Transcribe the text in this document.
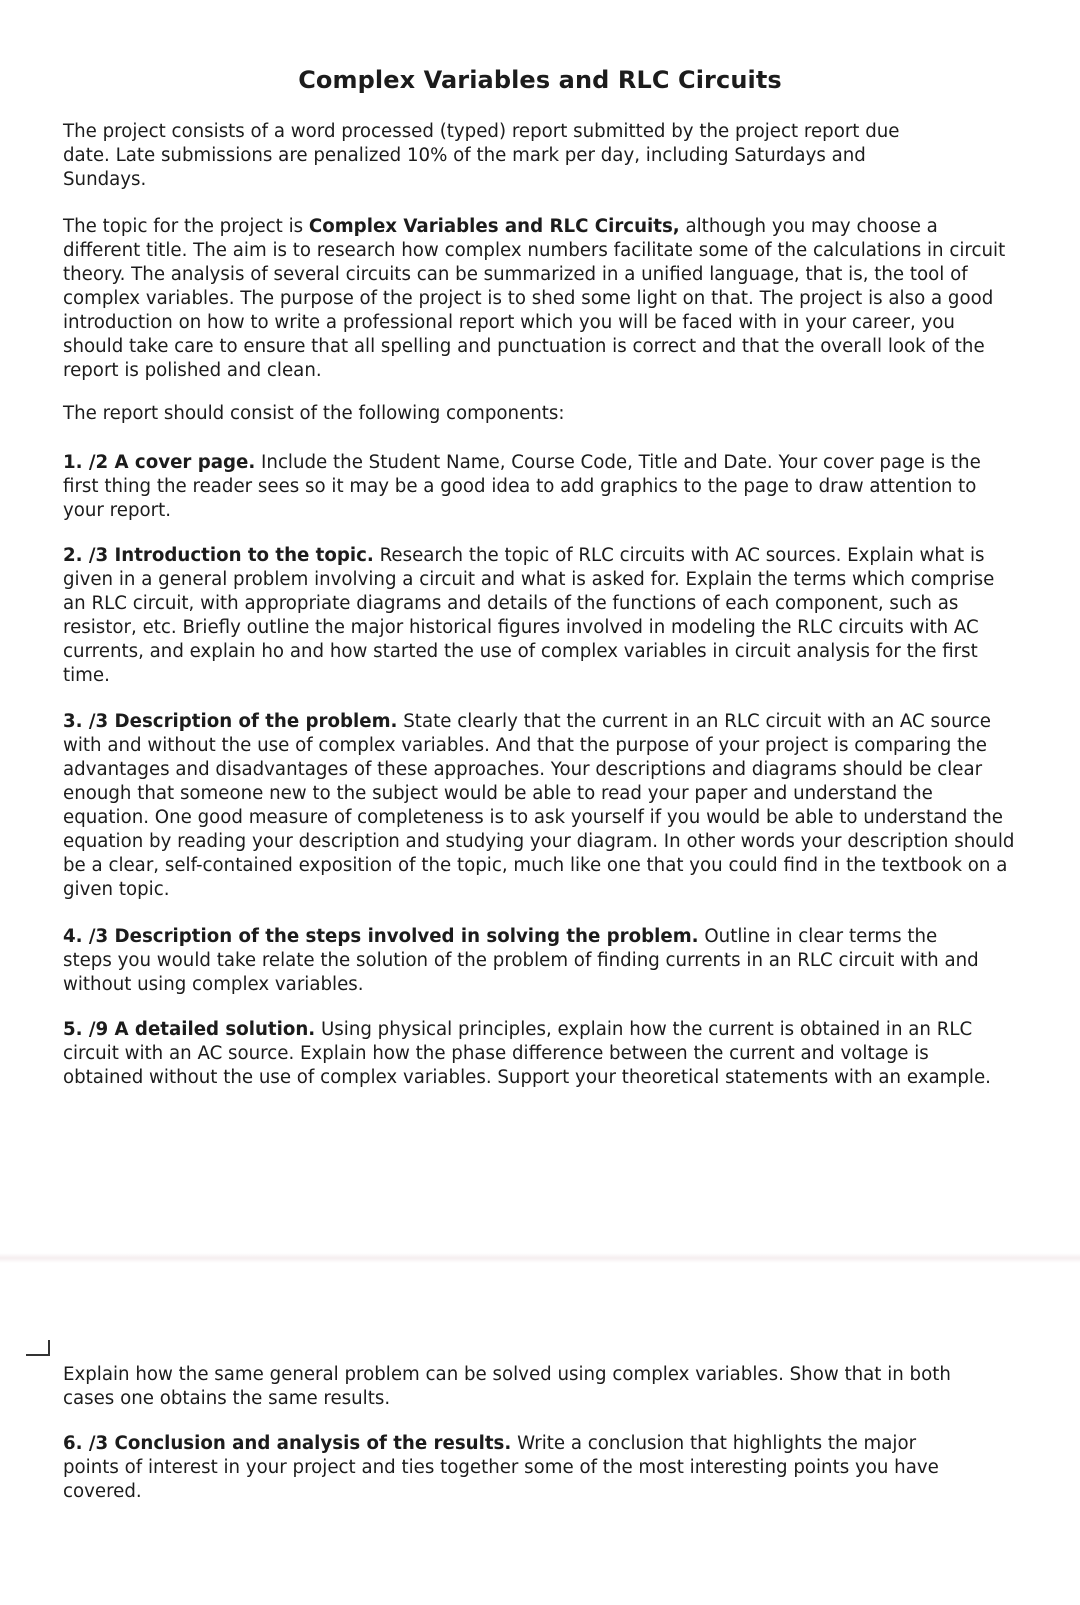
Complex Variables and RLC Circuits

The project consists of a word processed (typed) report submitted by the project report due date. Late submissions are penalized 10% of the mark per day, including Saturdays and Sundays.

The topic for the project is Complex Variables and RLC Circuits, although you may choose a different title. The aim is to research how complex numbers facilitate some of the calculations in circuit theory. The analysis of several circuits can be summarized in a unified language, that is, the tool of complex variables. The purpose of the project is to shed some light on that. The project is also a good introduction on how to write a professional report which you will be faced with in your career, you should take care to ensure that all spelling and punctuation is correct and that the overall look of the report is polished and clean.

The report should consist of the following components:

1. /2 A cover page. Include the Student Name, Course Code, Title and Date. Your cover page is the first thing the reader sees so it may be a good idea to add graphics to the page to draw attention to your report.

2. /3 Introduction to the topic. Research the topic of RLC circuits with AC sources. Explain what is given in a general problem involving a circuit and what is asked for. Explain the terms which comprise an RLC circuit, with appropriate diagrams and details of the functions of each component, such as resistor, etc. Briefly outline the major historical figures involved in modeling the RLC circuits with AC currents, and explain ho and how started the use of complex variables in circuit analysis for the first time.

3. /3 Description of the problem. State clearly that the current in an RLC circuit with an AC source with and without the use of complex variables. And that the purpose of your project is comparing the advantages and disadvantages of these approaches. Your descriptions and diagrams should be clear enough that someone new to the subject would be able to read your paper and understand the equation. One good measure of completeness is to ask yourself if you would be able to understand the equation by reading your description and studying your diagram. In other words your description should be a clear, self-contained exposition of the topic, much like one that you could find in the textbook on a given topic.

4. /3 Description of the steps involved in solving the problem. Outline in clear terms the steps you would take relate the solution of the problem of finding currents in an RLC circuit with and without using complex variables.

5. /9 A detailed solution. Using physical principles, explain how the current is obtained in an RLC circuit with an AC source. Explain how the phase difference between the current and voltage is obtained without the use of complex variables. Support your theoretical statements with an example.

Explain how the same general problem can be solved using complex variables. Show that in both cases one obtains the same results.

6. /3 Conclusion and analysis of the results. Write a conclusion that highlights the major points of interest in your project and ties together some of the most interesting points you have covered.
